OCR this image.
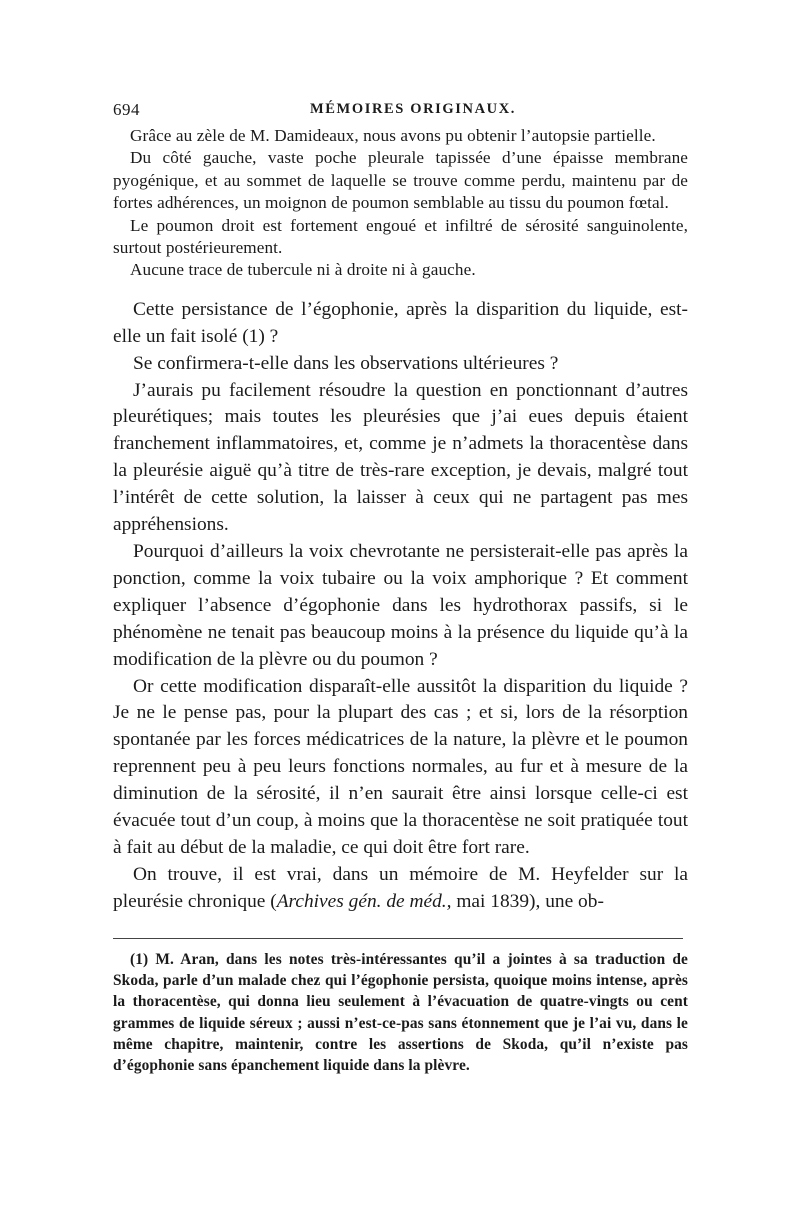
694	MÉMOIRES ORIGINAUX.

Grâce au zèle de M. Damideaux, nous avons pu obtenir l’autopsie partielle.

Du côté gauche, vaste poche pleurale tapissée d’une épaisse membrane pyogénique, et au sommet de laquelle se trouve comme perdu, maintenu par de fortes adhérences, un moignon de poumon semblable au tissu du poumon fœtal.

Le poumon droit est fortement engoué et infiltré de sérosité sanguinolente, surtout postérieurement.

Aucune trace de tubercule ni à droite ni à gauche.

Cette persistance de l’égophonie, après la disparition du liquide, est-elle un fait isolé (1) ?

Se confirmera-t-elle dans les observations ultérieures ?

J’aurais pu facilement résoudre la question en ponctionnant d’autres pleurétiques; mais toutes les pleurésies que j’ai eues depuis étaient franchement inflammatoires, et, comme je n’admets la thoracentèse dans la pleurésie aiguë qu’à titre de très-rare exception, je devais, malgré tout l’intérêt de cette solution, la laisser à ceux qui ne partagent pas mes appréhensions.

Pourquoi d’ailleurs la voix chevrotante ne persisterait-elle pas après la ponction, comme la voix tubaire ou la voix amphorique ? Et comment expliquer l’absence d’égophonie dans les hydrothorax passifs, si le phénomène ne tenait pas beaucoup moins à la présence du liquide qu’à la modification de la plèvre ou du poumon ?

Or cette modification disparaît-elle aussitôt la disparition du liquide ? Je ne le pense pas, pour la plupart des cas ; et si, lors de la résorption spontanée par les forces médicatrices de la nature, la plèvre et le poumon reprennent peu à peu leurs fonctions normales, au fur et à mesure de la diminution de la sérosité, il n’en saurait être ainsi lorsque celle-ci est évacuée tout d’un coup, à moins que la thoracentèse ne soit pratiquée tout à fait au début de la maladie, ce qui doit être fort rare.

On trouve, il est vrai, dans un mémoire de M. Heyfelder sur la pleurésie chronique (Archives gén. de méd., mai 1839), une ob-

(1) M. Aran, dans les notes très-intéressantes qu’il a jointes à sa traduction de Skoda, parle d’un malade chez qui l’égophonie persista, quoique moins intense, après la thoracentèse, qui donna lieu seulement à l’évacuation de quatre-vingts ou cent grammes de liquide séreux ; aussi n’est-ce-pas sans étonnement que je l’ai vu, dans le même chapitre, maintenir, contre les assertions de Skoda, qu’il n’existe pas d’égophonie sans épanchement liquide dans la plèvre.
